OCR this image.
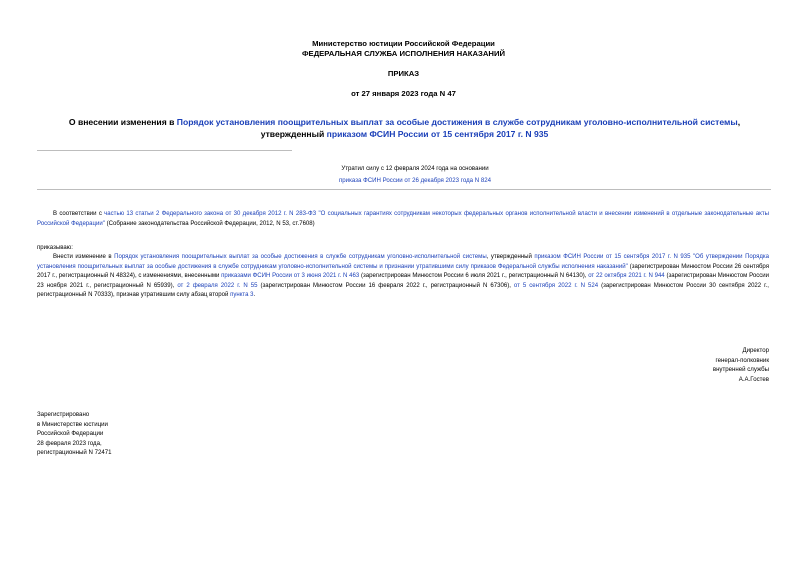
Министерство юстиции Российской Федерации
ФЕДЕРАЛЬНАЯ СЛУЖБА ИСПОЛНЕНИЯ НАКАЗАНИЙ
ПРИКАЗ
от 27 января 2023 года N 47
О внесении изменения в Порядок установления поощрительных выплат за особые достижения в службе сотрудникам уголовно-исполнительной системы, утвержденный приказом ФСИН России от 15 сентября 2017 г. N 935
Утратил силу с 12 февраля 2024 года на основании
приказа ФСИН России от 26 декабря 2023 года N 824
В соответствии с частью 13 статьи 2 Федерального закона от 30 декабря 2012 г. N 283-ФЗ "О социальных гарантиях сотрудникам некоторых федеральных органов исполнительной власти и внесении изменений в отдельные законодательные акты Российской Федерации" (Собрание законодательства Российской Федерации, 2012, N 53, ст.7608)
приказываю:
Внести изменение в Порядок установления поощрительных выплат за особые достижения в службе сотрудникам уголовно-исполнительной системы, утвержденный приказом ФСИН России от 15 сентября 2017 г. N 935 "Об утверждении Порядка установления поощрительных выплат за особые достижения в службе сотрудникам уголовно-исполнительной системы и признании утратившими силу приказов Федеральной службы исполнения наказаний" (зарегистрирован Минюстом России 26 сентября 2017 г., регистрационный N 48324), с изменениями, внесенными приказами ФСИН России от 3 июня 2021 г. N 463 (зарегистрирован Минюстом России 6 июля 2021 г., регистрационный N 64130), от 22 октября 2021 г. N 944 (зарегистрирован Минюстом России 23 ноября 2021 г., регистрационный N 65939), от 2 февраля 2022 г. N 55 (зарегистрирован Минюстом России 16 февраля 2022 г., регистрационный N 67306), от 5 сентября 2022 г. N 524 (зарегистрирован Минюстом России 30 сентября 2022 г., регистрационный N 70333), признав утратившим силу абзац второй пункта 3.
Директор
генерал-полковник
внутренней службы
А.А.Гостев
Зарегистрировано
в Министерстве юстиции
Российской Федерации
28 февраля 2023 года,
регистрационный N 72471
